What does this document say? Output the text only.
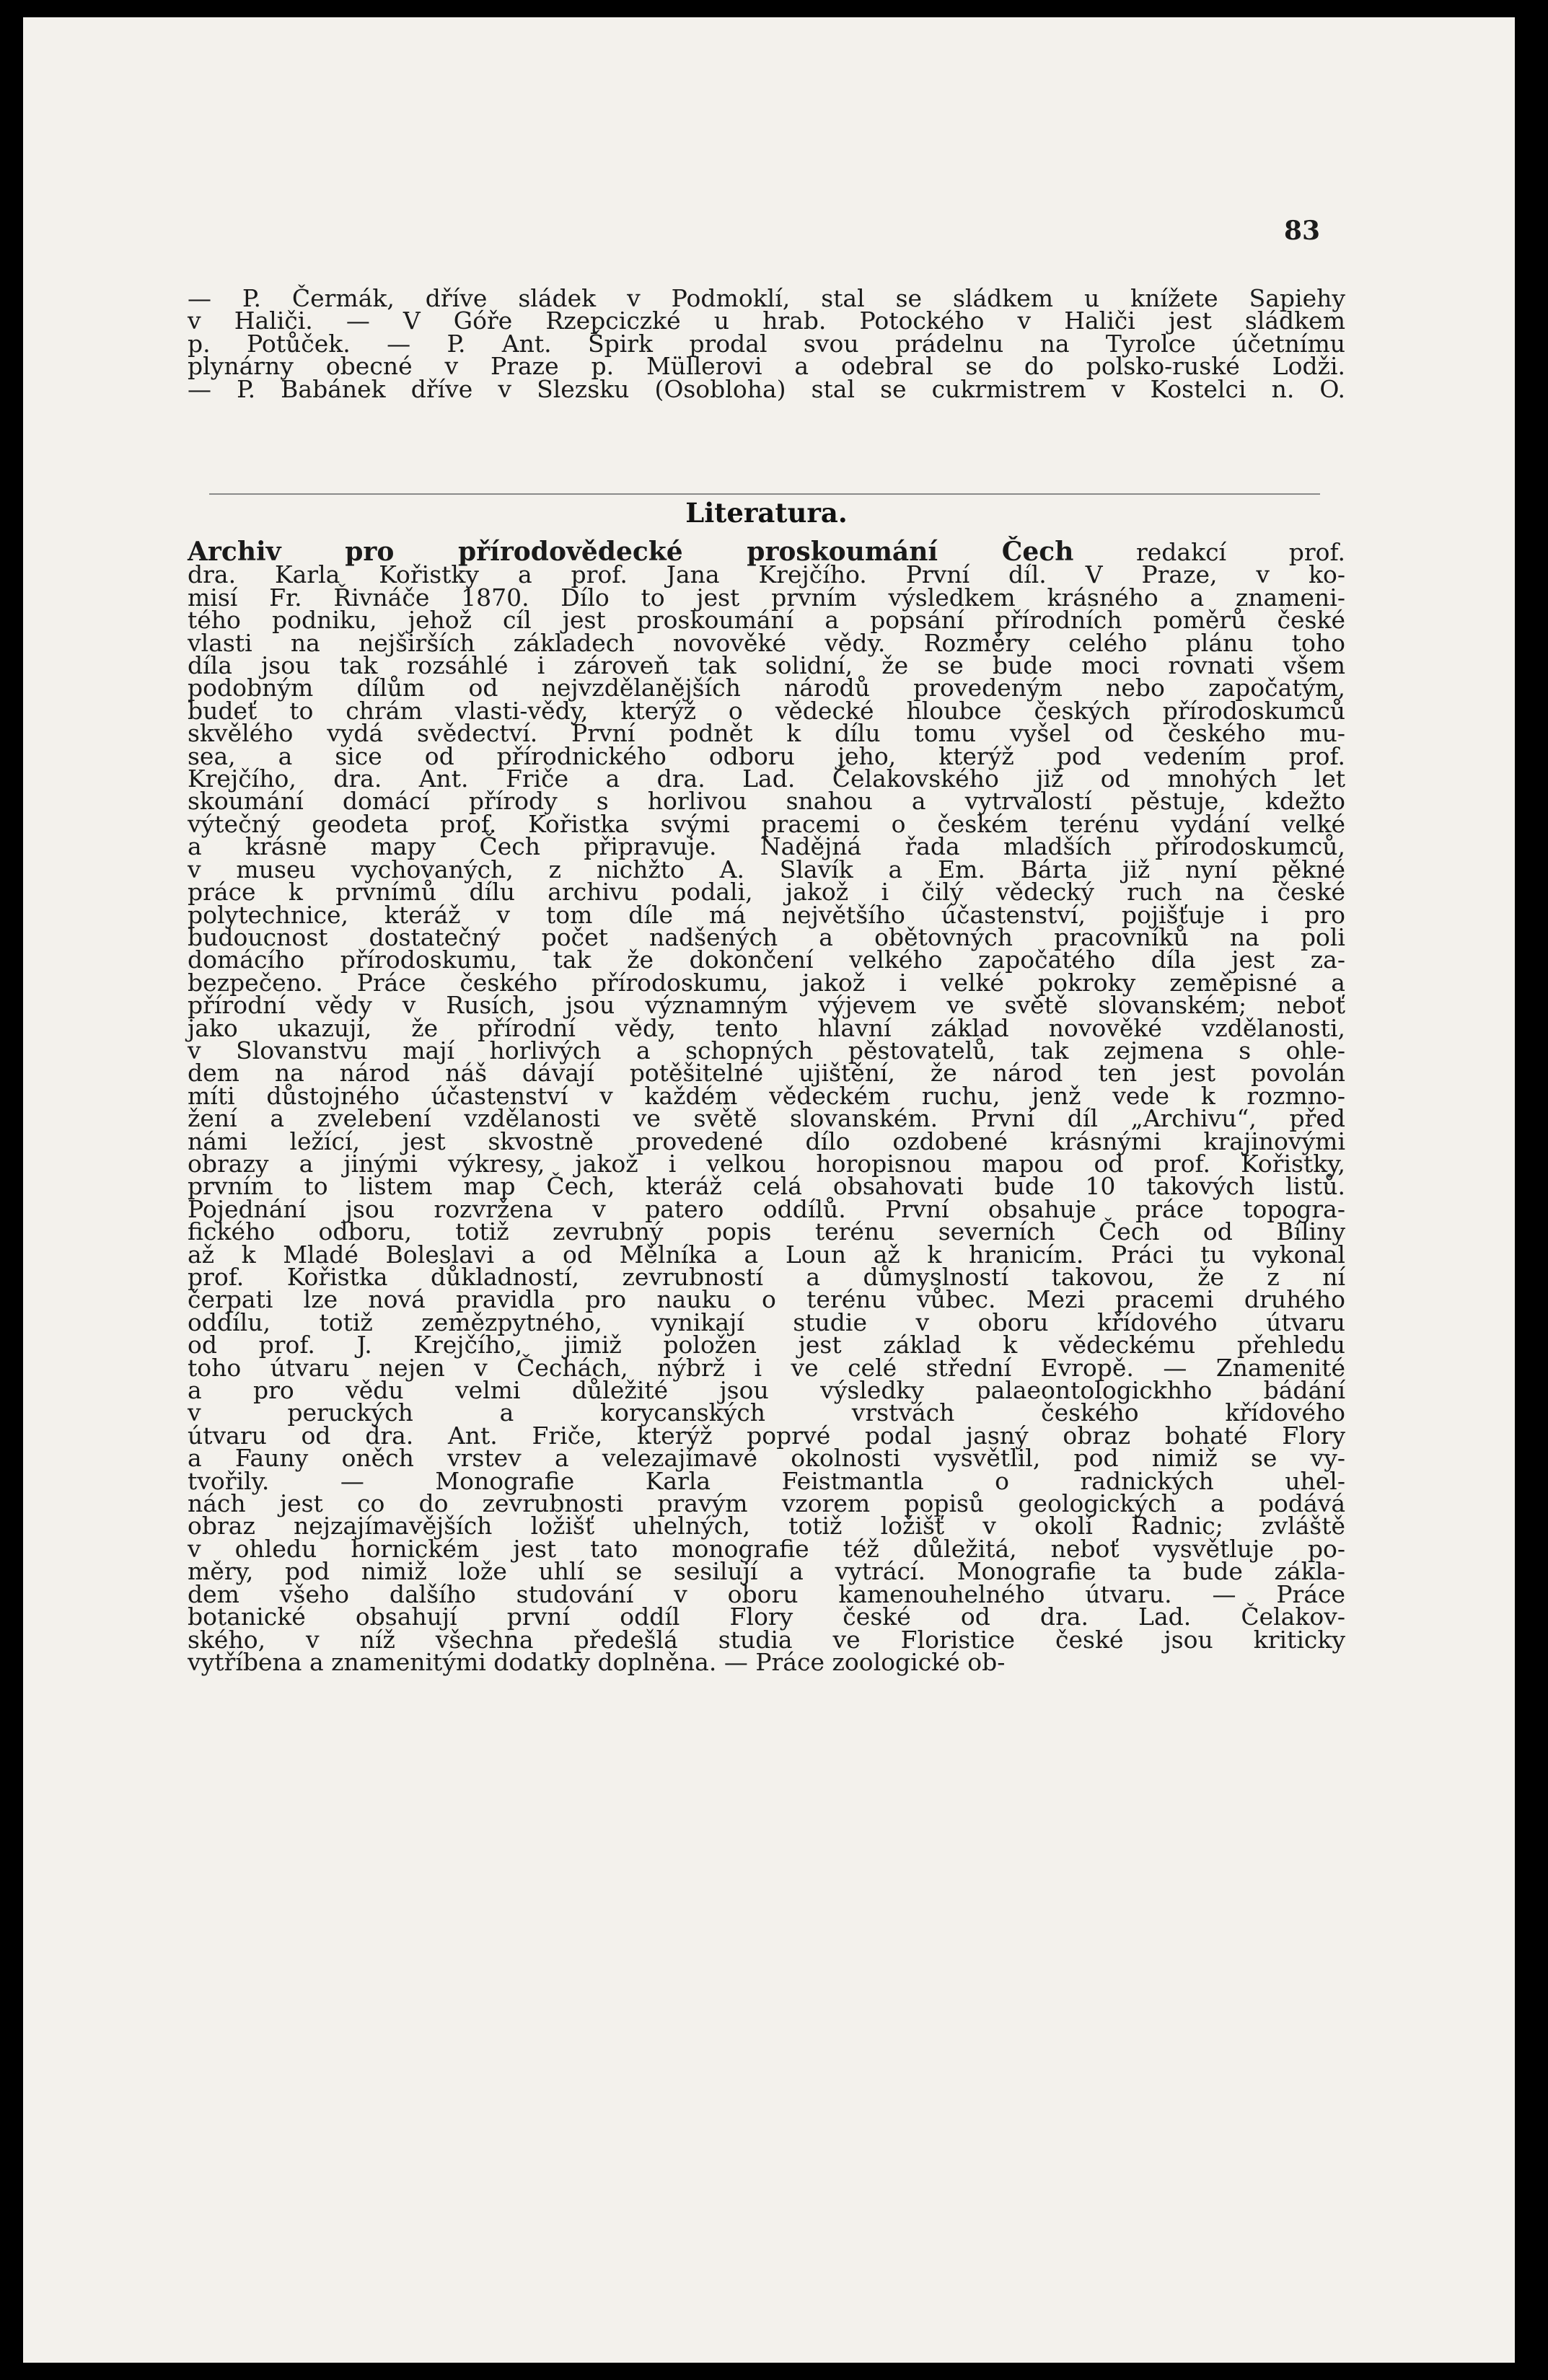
83
— P. Čermák, dříve sládek v Podmoklí, stal se sládkem u knížete Sapiehy
v Haliči. — V Góře Rzepciczké u hrab. Potockého v Haliči jest sládkem
p. Potůček. — P. Ant. Špirk prodal svou prádelnu na Tyrolce účetnímu
plynárny obecné v Praze p. Müllerovi a odebral se do polsko-ruské Lodži.
— P. Babánek dříve v Slezsku (Osobloha) stal se cukrmistrem v Kostelci n. O.
Literatura.
Archiv pro přírodovědecké proskoumání Čech redakcí prof.
dra. Karla Kořistky a prof. Jana Krejčího. První díl. V Praze, v ko-
misí Fr. Řivnáče 1870. Dílo to jest prvním výsledkem krásného a znameni-
tého podniku, jehož cíl jest proskoumání a popsání přírodních poměrů české
vlasti na nejširších základech novověké vědy. Rozměry celého plánu toho
díla jsou tak rozsáhlé i zároveň tak solidní, že se bude moci rovnati všem
podobným dílům od nejvzdělanějších národů provedeným nebo započatým,
budeť to chrám vlasti-vědy, kterýž o vědecké hloubce českých přírodoskumců
skvělého vydá svědectví. První podnět k dílu tomu vyšel od českého mu-
sea, a sice od přírodnického odboru jeho, kterýž pod vedením prof.
Krejčího, dra. Ant. Friče a dra. Lad. Čelakovského již od mnohých let
skoumání domácí přírody s horlivou snahou a vytrvalostí pěstuje, kdežto
výtečný geodeta prof. Kořistka svými pracemi o českém terénu vydání velké
a krásné mapy Čech připravuje. Nadějná řada mladších přírodoskumců,
v museu vychovaných, z nichžto A. Slavík a Em. Bárta již nyní pěkné
práce k prvnímů dílu archivu podali, jakož i čilý vědecký ruch na české
polytechnice, kteráž v tom díle má největšího účastenství, pojišťuje i pro
budoucnost dostatečný počet nadšených a obětovných pracovníků na poli
domácího přírodoskumu, tak že dokončení velkého započatého díla jest za-
bezpečeno. Práce českého přírodoskumu, jakož i velké pokroky zeměpisné a
přírodní vědy v Rusích, jsou významným výjevem ve světě slovanském; neboť
jako ukazují, že přírodní vědy, tento hlavní základ novověké vzdělanosti,
v Slovanstvu mají horlivých a schopných pěstovatelů, tak zejmena s ohle-
dem na národ náš dávají potěšitelné ujištění, že národ ten jest povolán
míti důstojného účastenství v každém vědeckém ruchu, jenž vede k rozmno-
žení a zvelebení vzdělanosti ve světě slovanském. První díl „Archivu“, před
námi ležící, jest skvostně provedené dílo ozdobené krásnými krajinovými
obrazy a jinými výkresy, jakož i velkou horopisnou mapou od prof. Kořistky,
prvním to listem map Čech, kteráž celá obsahovati bude 10 takových listů.
Pojednání jsou rozvržena v patero oddílů. První obsahuje práce topogra-
fického odboru, totiž zevrubný popis terénu severních Čech od Bíliny
až k Mladé Boleslavi a od Mělníka a Loun až k hranicím. Práci tu vykonal
prof. Kořistka důkladností, zevrubností a důmyslností takovou, že z ní
čerpati lze nová pravidla pro nauku o terénu vůbec. Mezi pracemi druhého
oddílu, totiž zemězpytného, vynikají studie v oboru křídového útvaru
od prof. J. Krejčího, jimiž položen jest základ k vědeckému přehledu
toho útvaru nejen v Čechách, nýbrž i ve celé střední Evropě. — Znamenité
a pro vědu velmi důležité jsou výsledky palaeontologickhho bádání
v peruckých a korycanských vrstvách českého křídového
útvaru od dra. Ant. Friče, kterýž poprvé podal jasný obraz bohaté Flory
a Fauny oněch vrstev a velezajímavé okolnosti vysvětlil, pod nimiž se vy-
tvořily. — Monografie Karla Feistmantla o radnických uhel-
nách jest co do zevrubnosti pravým vzorem popisů geologických a podává
obraz nejzajímavějších ložišť uhelných, totiž ložišť v okolí Radnic; zvláště
v ohledu hornickém jest tato monografie též důležitá, neboť vysvětluje po-
měry, pod nimiž lože uhlí se sesilují a vytrácí. Monografie ta bude zákla-
dem všeho dalšího studování v oboru kamenouhelného útvaru. — Práce
botanické obsahují první oddíl Flory české od dra. Lad. Čelakov-
ského, v níž všechna předešlá studia ve Floristice české jsou kriticky
vytříbena a znamenitými dodatky doplněna. — Práce zoologické ob-
